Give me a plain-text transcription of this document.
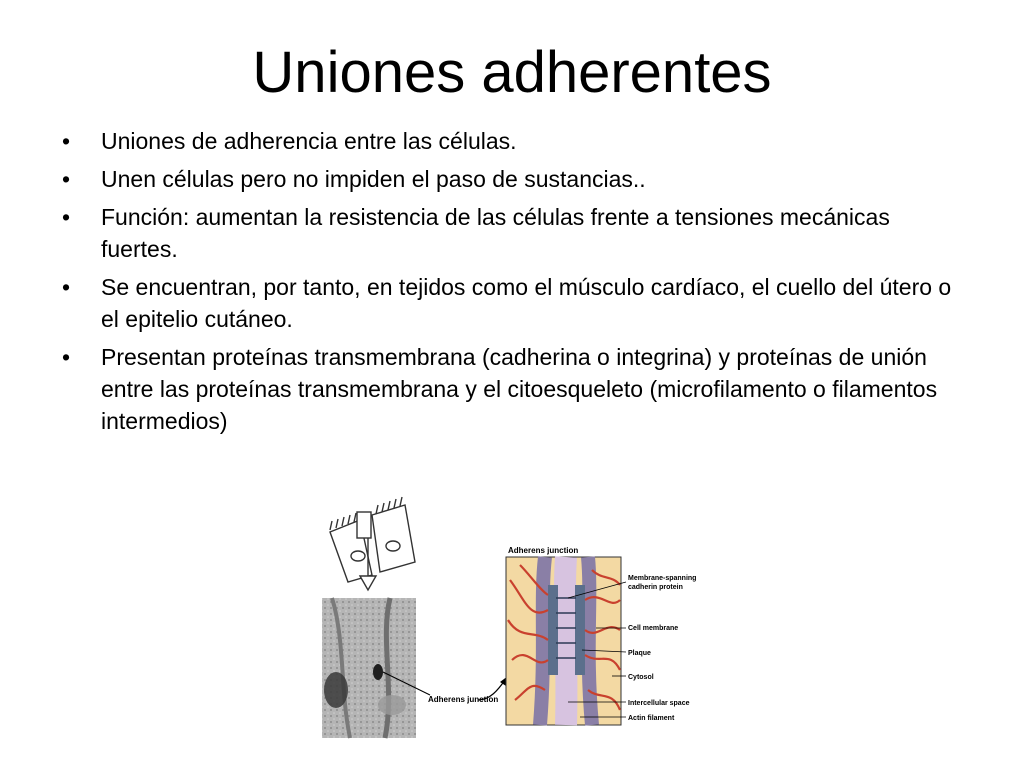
Uniones adherentes
•	Uniones de adherencia entre las células.
•	Unen células pero no impiden el paso de sustancias..
•	Función: aumentan la resistencia de las células frente a tensiones mecánicas fuertes.
•	Se encuentran, por tanto, en tejidos como el músculo cardíaco, el cuello del útero o el epitelio cutáneo.
•	Presentan proteínas transmembrana (cadherina o integrina) y proteínas de unión entre las proteínas transmembrana y el citoesqueleto (microfilamento o filamentos intermedios)
Adherens junction
Adherens junction
Membrane-spanning cadherin protein
Cell membrane
Plaque
Cytosol
Intercellular space
Actin filament
